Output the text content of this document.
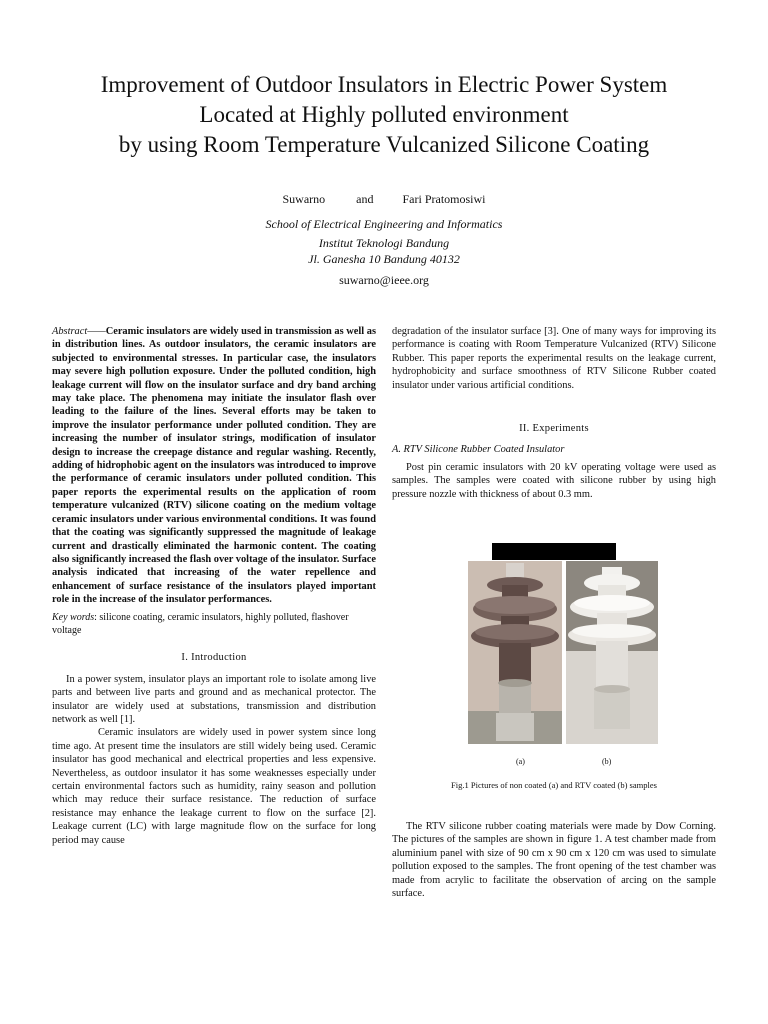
Improvement of Outdoor Insulators in Electric Power System
Located at Highly polluted environment
by using Room Temperature Vulcanized Silicone Coating
Suwarno	and Fari Pratomosiwi
School of Electrical Engineering and Informatics
Institut Teknologi Bandung
Jl. Ganesha 10 Bandung 40132
suwarno@ieee.org
Abstract——Ceramic insulators are widely used in transmission as well as in distribution lines. As outdoor insulators, the ceramic insulators are subjected to environmental stresses. In particular case, the insulators may severe high pollution exposure. Under the polluted condition, high leakage current will flow on the insulator surface and dry band arching may take place. The phenomena may initiate the insulator flash over leading to the failure of the lines. Several efforts may be taken to improve the insulator performance under polluted condition. They are increasing the number of insulator strings, modification of insulator design to increase the creepage distance and regular washing. Recently, adding of hidrophobic agent on the insulators was introduced to improve the performance of ceramic insulators under polluted condition. This paper reports the experimental results on the application of room temperature vulcanized (RTV) silicone coating on the medium voltage ceramic insulators under various environmental conditions. It was found that the coating was significantly suppressed the magnitude of leakage current and drastically eliminated the harmonic content. The coating also significantly increased the flash over voltage of the insulator. Surface analysis indicated that increasing of the water repellence and enhancement of surface resistance of the insulators played important role in the increase of the insulator performances.
Key words: silicone coating, ceramic insulators, highly polluted, flashover voltage
I. Introduction

In a power system, insulator plays an important role to isolate among live parts and between live parts and ground and as mechanical protector. The insulator are widely used at substations, transmission and distribution network as well [1].

Ceramic insulators are widely used in power system since long time ago. At present time the insulators are still widely being used. Ceramic insulator has good mechanical and electrical properties and less expensive. Nevertheless, as outdoor insulator it has some weaknesses especially under certain environmental factors such as humidity, rainy season and pollution which may reduce their surface resistance. The reduction of surface resistance may enhance the leakage current to flow on the surface [2]. Leakage current (LC) with large magnitude flow on the surface for long period may cause

degradation of the insulator surface [3]. One of many ways for improving its performance is coating with Room Temperature Vulcanized (RTV) Silicone Rubber. This paper reports the experimental results on the leakage current, hydrophobicity and surface smoothness of RTV Silicone Rubber coated insulator under various artificial conditions.

II. Experiments
A. RTV Silicone Rubber Coated Insulator

Post pin ceramic insulators with 20 kV operating voltage were used as samples. The samples were coated with silicone rubber by using high pressure nozzle with thickness of about 0.3 mm.

(a)	(b)
Fig.1 Pictures of non coated (a) and RTV coated (b) samples

The RTV silicone rubber coating materials were made by Dow Corning. The pictures of the samples are shown in figure 1. A test chamber made from aluminium panel with size of 90 cm x 90 cm x 120 cm was used to simulate pollution exposed to the samples. The front opening of the test chamber was made from acrylic to facilitate the observation of arcing on the sample surface.
